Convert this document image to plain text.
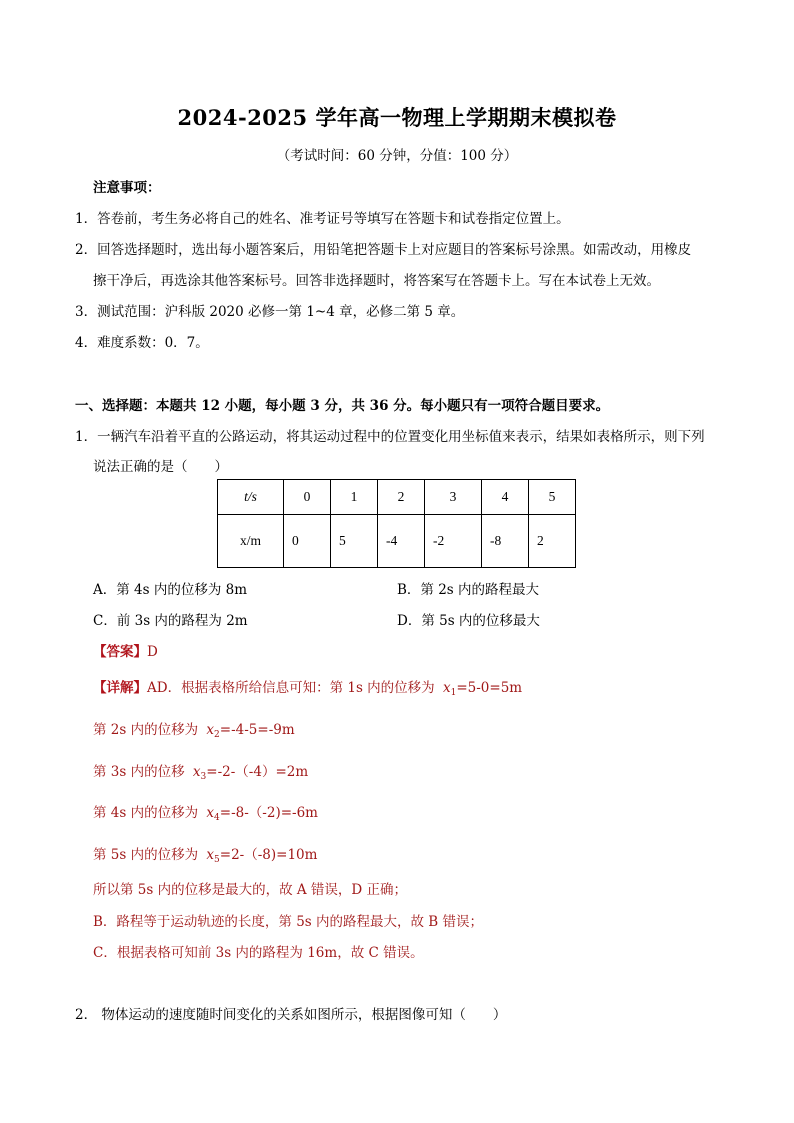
2024-2025 学年高一物理上学期期末模拟卷
（考试时间：60 分钟，分值：100 分）
注意事项：
1．答卷前，考生务必将自己的姓名、准考证号等填写在答题卡和试卷指定位置上。
2．回答选择题时，选出每小题答案后，用铅笔把答题卡上对应题目的答案标号涂黑。如需改动，用橡皮
擦干净后，再选涂其他答案标号。回答非选择题时，将答案写在答题卡上。写在本试卷上无效。
3．测试范围：沪科版 2020 必修一第 1~4 章，必修二第 5 章。
4．难度系数：0．7。
一、选择题：本题共 12 小题，每小题 3 分，共 36 分。每小题只有一项符合题目要求。
1．一辆汽车沿着平直的公路运动，将其运动过程中的位置变化用坐标值来表示，结果如表格所示，则下列
说法正确的是（　　）
t/s	0	1	2	3	4	5
x/m	0	5	-4	-2	-8	2
A．第 4s 内的位移为 8m	B．第 2s 内的路程最大
C．前 3s 内的路程为 2m	D．第 5s 内的位移最大
【答案】D
【详解】AD．根据表格所给信息可知：第 1s 内的位移为 $x_1=5-0=5m$
第 2s 内的位移为 $x_2=-4-5=-9m$
第 3s 内的位移 $x_3=-2-(-4)=2m$
第 4s 内的位移为 $x_4=-8-(-2)=-6m$
第 5s 内的位移为 $x_5=2-(-8)=10m$
所以第 5s 内的位移是最大的，故 A 错误，D 正确；
B．路程等于运动轨迹的长度，第 5s 内的路程最大，故 B 错误；
C．根据表格可知前 3s 内的路程为 16m，故 C 错误。
2． 物体运动的速度随时间变化的关系如图所示，根据图像可知（　　）
